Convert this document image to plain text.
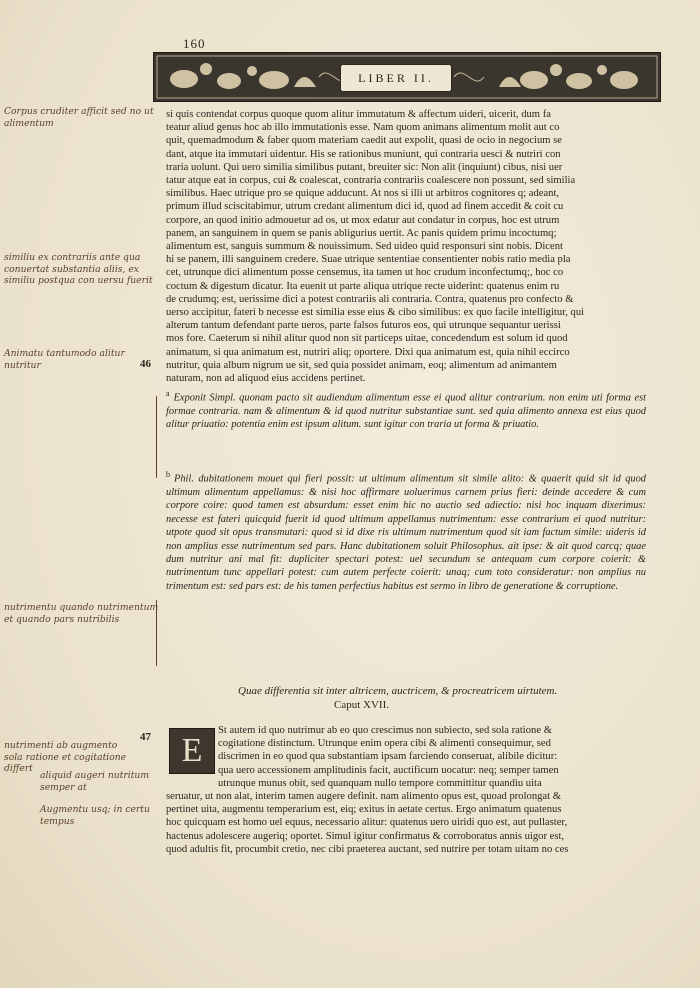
160
LIBER II.

si quis contendat corpus quoque quom alitur immutatum & affectum uideri, uicerit, dum fa

teatur aliud genus hoc ab illo immutationis esse. Nam quom animans alimentum molit aut co

quit, quemadmodum & faber quom materiam caedit aut expolit, quasi de ocio in negocium se

dant, atque ita immutari uidentur. His se rationibus muniunt, qui contraria uesci & nutriri con

traria uolunt. Qui uero similia similibus putant, breuiter sic: Non alit (inquiunt) cibus, nisi uer

tatur atque eat in corpus, cui & coalescat, contraria contrariis coalescere non possunt, sed similia

similibus. Haec utrique pro se quique adducunt. At nos si illi ut arbitros cognitores q; adeant,

primum illud sciscitabimur, utrum credant alimentum dici id, quod ad finem accedit & coit cu

corpore, an quod initio admouetur ad os, ut mox edatur aut condatur in corpus, hoc est utrum

panem, an sanguinem in quem se panis abligurius uertit. Ac panis quidem primu incoctumq;

alimentum est, sanguis summum & nouissimum. Sed uideo quid responsuri sint nobis. Dicent

hi se panem, illi sanguinem credere. Suae utrique sententiae consentienter nobis ratio media pla

cet, utrunque dici alimentum posse censemus, ita tamen ut hoc crudum inconfectumq;, hoc co

coctum & digestum dicatur. Ita euenit ut parte aliqua utrique recte uiderint: quatenus enim ru

de crudumq; est, uerissime dici a potest contrariis ali contraria. Contra, quatenus pro confecto &

uerso accipitur, fateri b necesse est similia esse eius & cibo similibus: ex quo facile intelligitur, qui

alterum tantum defendant parte ueros, parte falsos futuros eos, qui utrunque sequantur uerissi

mos fore. Caeterum si nihil alitur quod non sit particeps uitae, concedendum est solum id quod

animatum, si qua animatum est, nutriri aliq; oportere. Dixi qua animatum est, quia nihil eccirco

nutritur, quia album nigrum ue sit, sed quia possidet animam, eoq; alimentum ad animantem

naturam, non ad aliquod eius accidens pertinet.

$^a$ Exponit Simpl. quonam pacto sit audiendum alimentum esse ei quod alitur contrarium. non enim uti forma est formae contraria. nam & alimentum & id quod nutritur substantiae sunt. sed quia alimento annexa est eius quod alitur priuatio: potentia enim est ipsum alitum. sunt igitur con traria ut forma & priuatio.

$^b$ Phil. dubitationem mouet qui fieri possit: ut ultimum alimentum sit simile alito: & quaerit quid sit id quod ultimum alimentum appellamus: & nisi hoc affirmare uoluerimus carnem prius fieri: deinde accedere & cum corpore coire: quod tamen est absurdum: esset enim hic no auctio sed adiectio: nisi hoc inquam dixerimus: necesse est fateri quicquid fuerit id quod ultimum appellamus nutrimentum: esse contrarium ei quod nutritur: utpote quod sit opus transmutari: quod si id dixe ris ultimum nutrimentum quod sit iam factum simile: uideris id non amplius esse nutrimentum sed pars. Hanc dubitationem soluit Philosophus. ait ipse: & ait quod carcq; quae dum nutritur ani mal fit: dupliciter spectari potest: uel secundum se antequam cum corpore coierit: & nutrimentum tunc appellari potest: cum autem perfecte coierit: unaq; cum toto consideratur: non amplius nu trimentum est: sed pars est: de his tamen perfectius habitus est sermo in libro de generatione & corruptione.

Quae differentia sit inter altricem, auctricem, & procreatricem uirtutem.
Caput XVII.
E
St autem id quo nutrimur ab eo quo crescimus non subiecto, sed sola ratione &
cogitatione distinctum. Utrunque enim opera cibi & alimenti consequimur, sed
discrimen in eo quod qua substantiam ipsam farciendo conseruat, alibile dicitur:
qua uero accessionem amplitudinis facit, auctificum uocatur: neq; semper tamen
utrunque munus obit, sed quanquam nullo tempore committitur quandiu uita
seruatur, ut non alat, interim tamen augere definit. nam alimento opus est, quoad prolongat &
pertinet uita, augmentu temperarium est, eiq; exitus in aetate certus. Ergo animatum quatenus
hoc quicquam est homo uel equus, necessario alitur: quatenus uero uiridi quo est, aut pullaster,
hactenus adolescere augeriq; oportet. Simul igitur confirmatus & corroboratus annis uigor est,
quod adultis fit, procumbit cretio, nec cibi praeterea auctant, sed nutrire per totam uitam no ces
Corpus cruditer afficit sed no ut alimentum
similiu ex contrariis ante qua conuertat substantia aliis, ex similiu postqua con uersu fuerit
Animatu tantumodo alitur nutritur	46
nutrimentu quando nutrimentum et quando pars nutribilis
nutrimenti ab augmento sola ratione et cogitatione differt
47
aliquid augeri nutritum semper at
Augmentu usq; in certu tempus
